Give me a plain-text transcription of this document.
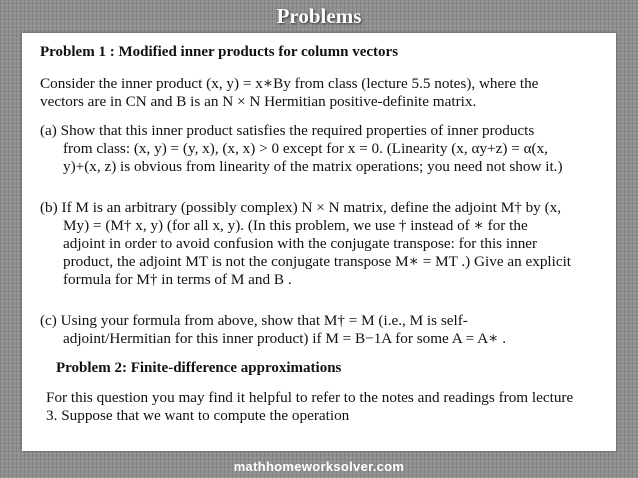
Problems
Problem 1 : Modified inner products for column vectors
Consider the inner product (x, y) = x∗By from class (lecture 5.5 notes), where the
vectors are in CN and B is an N × N Hermitian positive-definite matrix.
(a) Show that this inner product satisfies the required properties of inner products
from class: (x, y) = (y, x), (x, x) > 0 except for x = 0. (Linearity (x, αy+z) = α(x,
y)+(x, z) is obvious from linearity of the matrix operations; you need not show it.)
(b) If M is an arbitrary (possibly complex) N × N matrix, define the adjoint M† by (x,
My) = (M† x, y) (for all x, y). (In this problem, we use † instead of ∗ for the
adjoint in order to avoid confusion with the conjugate transpose: for this inner
product, the adjoint MT is not the conjugate transpose M∗ = MT .) Give an explicit
formula for M† in terms of M and B .
(c) Using your formula from above, show that M† = M (i.e., M is self-
adjoint/Hermitian for this inner product) if M = B−1A for some A = A∗ .
Problem 2: Finite-difference approximations
For this question you may find it helpful to refer to the notes and readings from lecture
3. Suppose that we want to compute the operation
mathhomeworksolver.com
